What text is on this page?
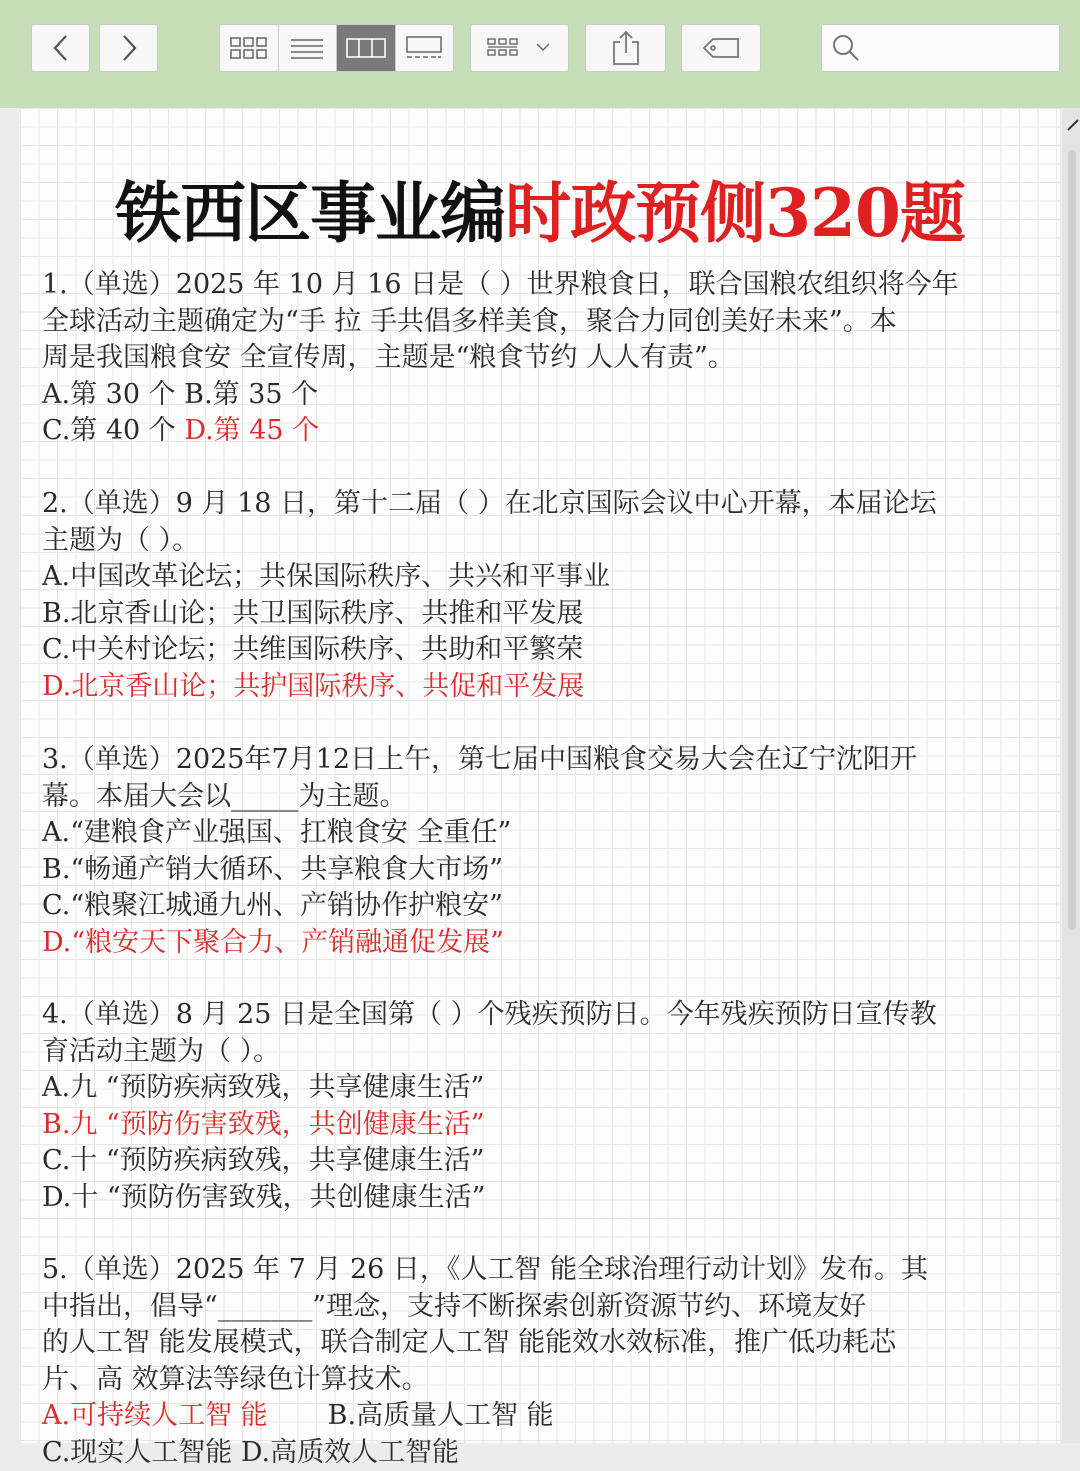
铁西区事业编时政预侧320题

1.（单选）2025 年 10 月 16 日是（ ）世界粮食日，联合国粮农组织将今年

全球活动主题确定为“手 拉 手共倡多样美食，聚合力同创美好未来”。本

周是我国粮食安 全宣传周，主题是“粮食节约 人人有责”。

A.第 30 个 B.第 35 个

C.第 40 个 D.第 45 个

2.（单选）9 月 18 日，第十二届（ ）在北京国际会议中心开幕，本届论坛

主题为（ ）。

A.中国改革论坛；共保国际秩序、共兴和平事业

B.北京香山论；共卫国际秩序、共推和平发展

C.中关村论坛；共维国际秩序、共助和平繁荣

D.北京香山论；共护国际秩序、共促和平发展

3.（单选）2025年7月12日上午，第七届中国粮食交易大会在辽宁沈阳开

幕。本届大会以_____为主题。

A.“建粮食产业强国、扛粮食安 全重任”

B.“畅通产销大循环、共享粮食大市场”

C.“粮聚江城通九州、产销协作护粮安”

D.“粮安天下聚合力、产销融通促发展”

4.（单选）8 月 25 日是全国第（ ）个残疾预防日。今年残疾预防日宣传教

育活动主题为（ ）。

A.九 “预防疾病致残，共享健康生活”

B.九 “预防伤害致残，共创健康生活”

C.十 “预防疾病致残，共享健康生活”

D.十 “预防伤害致残，共创健康生活”

5.（单选）2025 年 7 月 26 日，《人工智 能全球治理行动计划》发布。其

中指出，倡导“_______”理念，支持不断探索创新资源节约、环境友好

的人工智 能发展模式，联合制定人工智 能能效水效标准，推广低功耗芯

片、高 效算法等绿色计算技术。

A.可持续人工智 能 B.高质量人工智 能

C.现实人工智能 D.高质效人工智能
